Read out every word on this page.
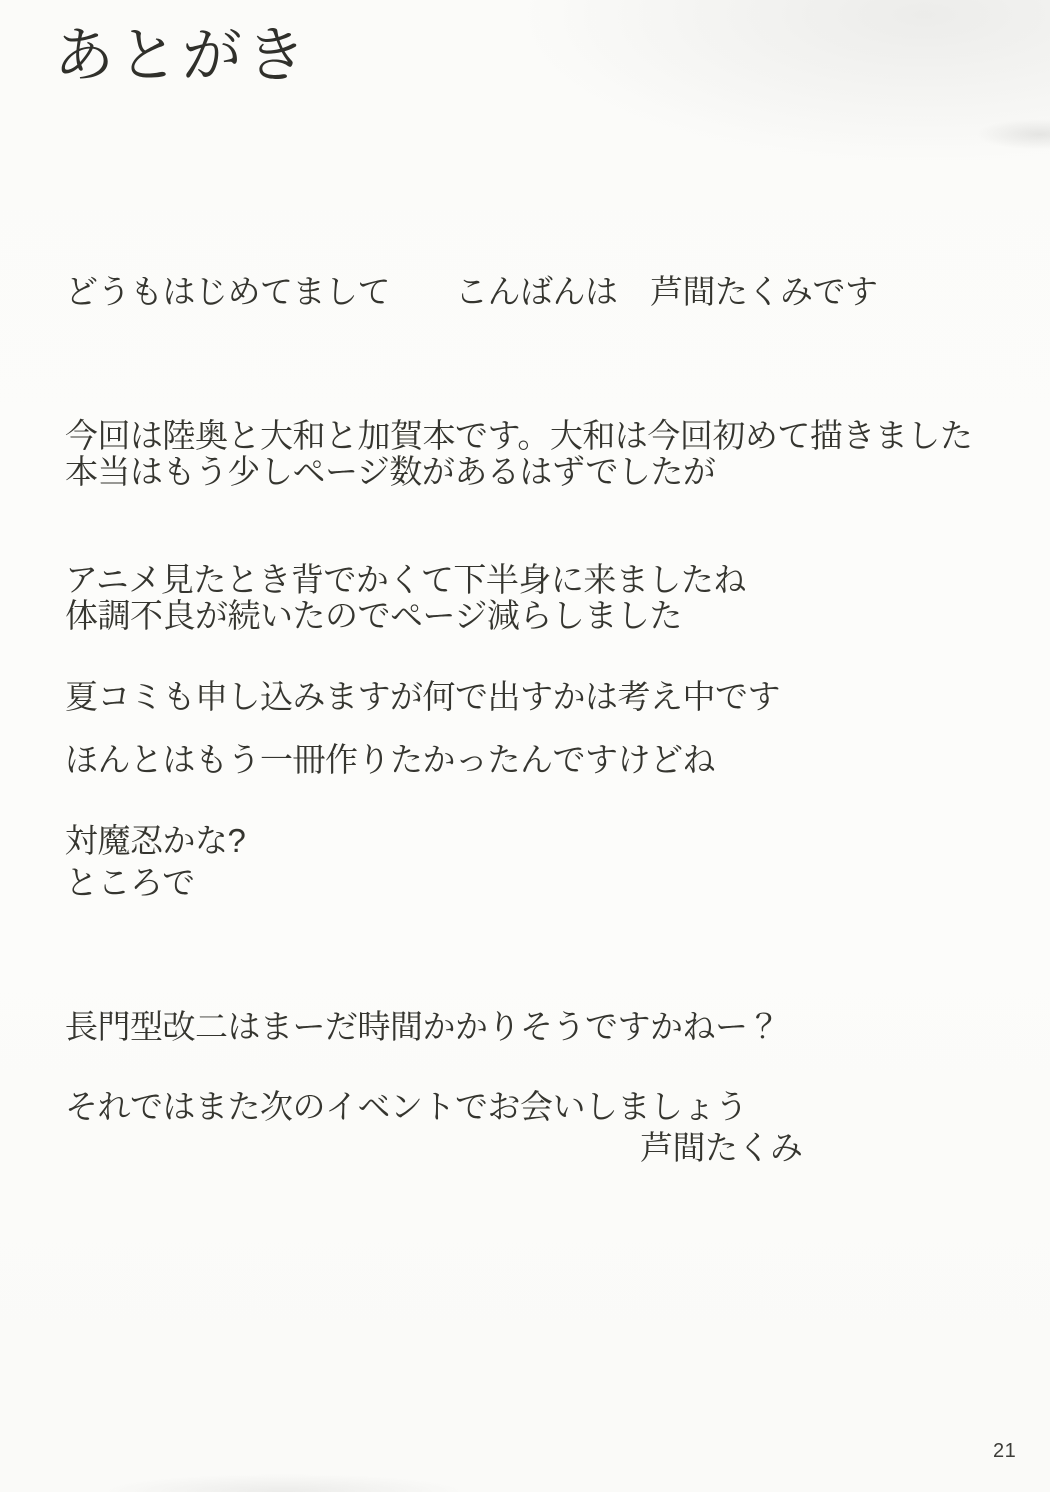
あとがき

どうもはじめてまして　　こんばんは　芦間たくみです

今回は陸奥と大和と加賀本です。大和は今回初めて描きました

アニメ見たとき背でかくて下半身に来ましたね

本当はもう少しページ数があるはずでしたが

体調不良が続いたのでページ減らしました

ほんとはもう一冊作りたかったんですけどね

夏コミも申し込みますが何で出すかは考え中です

対魔忍かな?

ところで

長門型改二はまーだ時間かかりそうですかねー？

それではまた次のイベントでお会いしましょう

芦間たくみ
21
